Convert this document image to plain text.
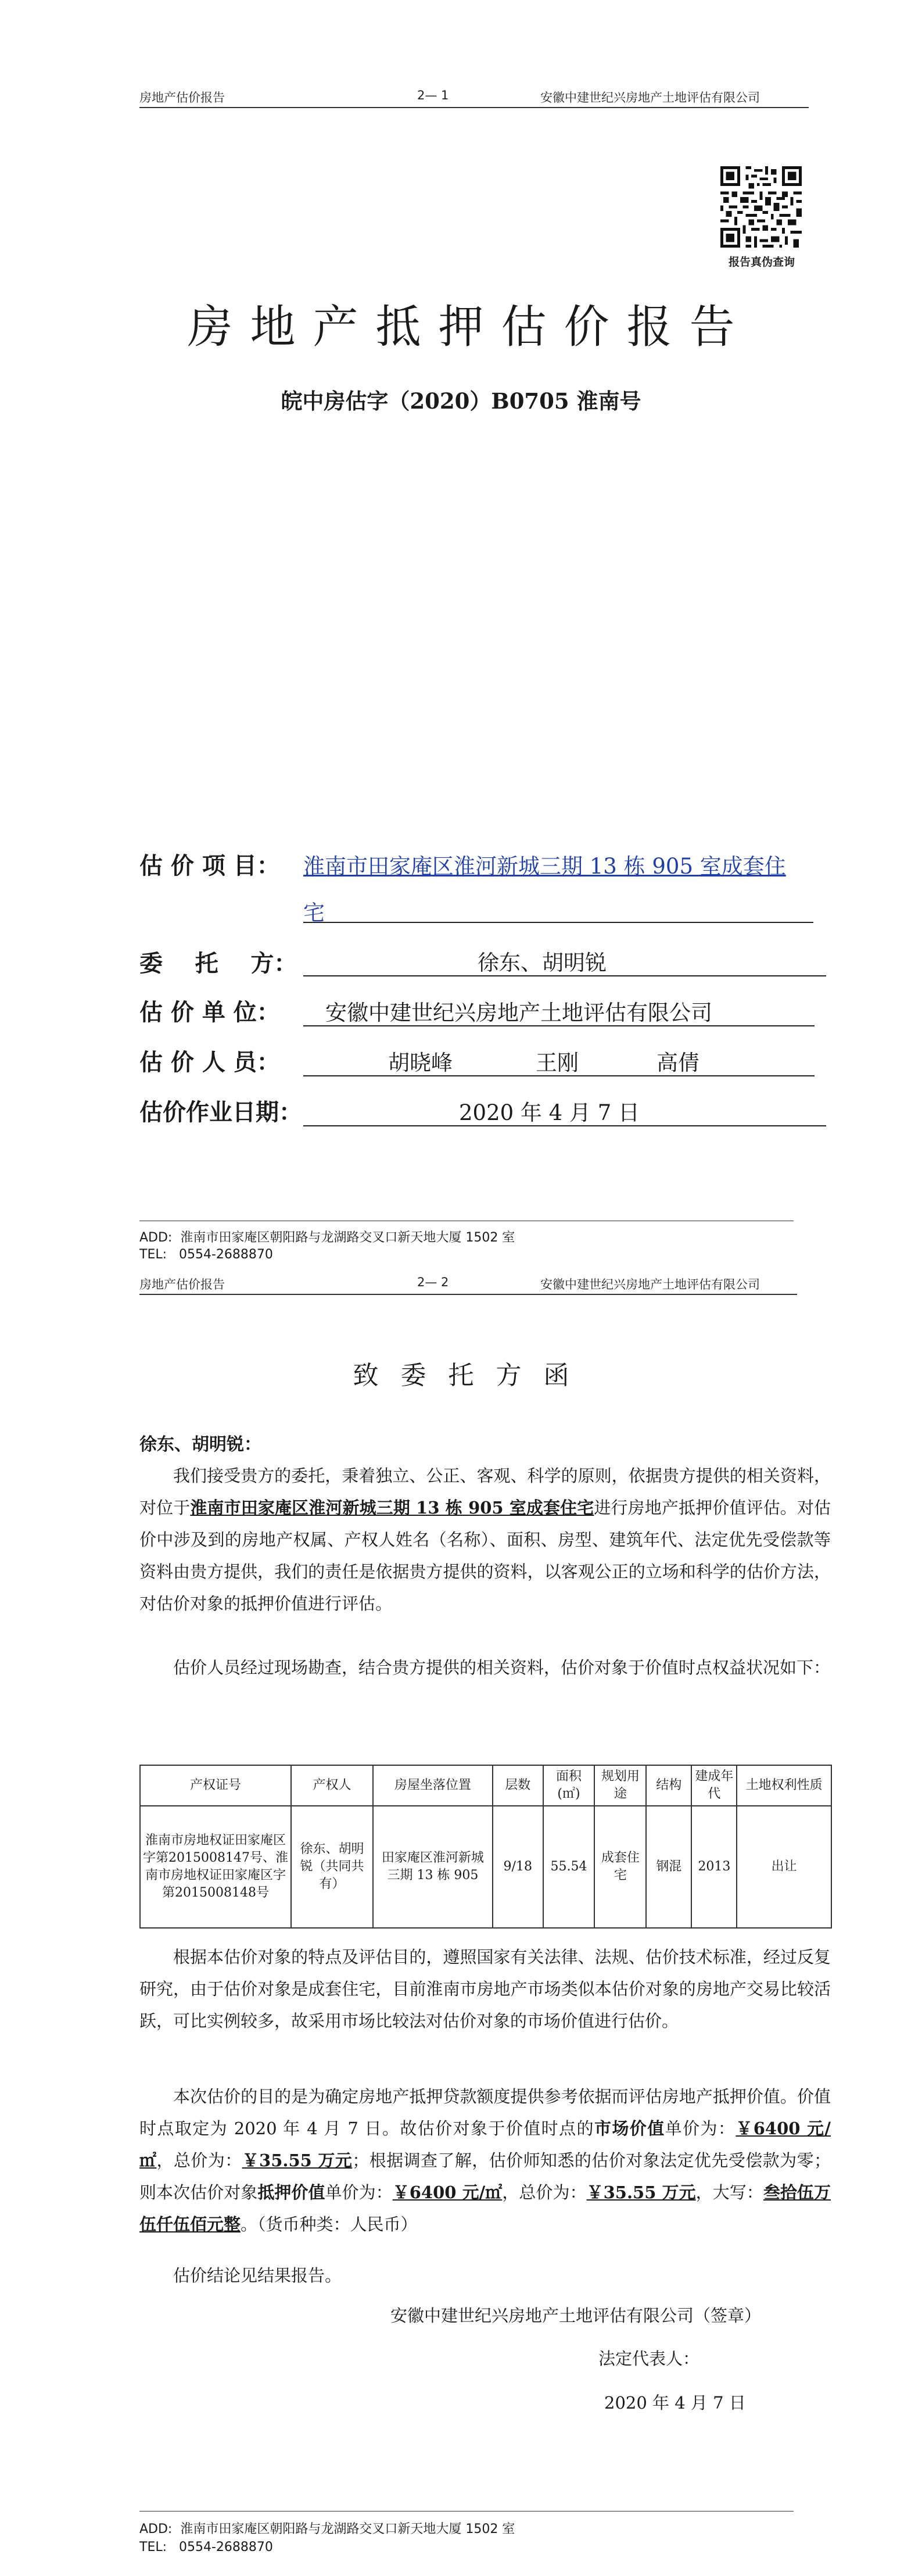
房地产估价报告	2— 1	安徽中建世纪兴房地产土地评估有限公司
报告真伪查询
房地产抵押估价报告
皖中房估字（2020）B0705 淮南号
估 价 项 目： 淮南市田家庵区淮河新城三期 13 栋 905 室成套住
宅
委    托    方：	徐东、胡明锐
估 价 单 位： 安徽中建世纪兴房地产土地评估有限公司
估 价 人 员：	胡晓峰	王刚	高倩
估价作业日期：	2020 年 4 月 7 日
ADD:  淮南市田家庵区朝阳路与龙湖路交叉口新天地大厦 1502 室
TEL:   0554-2688870
房地产估价报告	2— 2	安徽中建世纪兴房地产土地评估有限公司
致委托方函
徐东、胡明锐：
我们接受贵方的委托，秉着独立、公正、客观、科学的原则，依据贵方提供的相关资料，对位于淮南市田家庵区淮河新城三期 13 栋 905 室成套住宅进行房地产抵押价值评估。对估价中涉及到的房地产权属、产权人姓名（名称）、面积、房型、建筑年代、法定优先受偿款等资料由贵方提供，我们的责任是依据贵方提供的资料，以客观公正的立场和科学的估价方法，对估价对象的抵押价值进行评估。
估价人员经过现场勘查，结合贵方提供的相关资料，估价对象于价值时点权益状况如下：
产权证号	产权人	房屋坐落位置	层数	面积(㎡)	规划用途	结构	建成年代	土地权利性质
淮南市房地权证田家庵区字第2015008147号、淮南市房地权证田家庵区字第2015008148号	徐东、胡明锐（共同共有）	田家庵区淮河新城三期 13 栋 905	9/18	55.54	成套住宅	钢混	2013	出让
根据本估价对象的特点及评估目的，遵照国家有关法律、法规、估价技术标准，经过反复研究，由于估价对象是成套住宅，目前淮南市房地产市场类似本估价对象的房地产交易比较活跃，可比实例较多，故采用市场比较法对估价对象的市场价值进行估价。
本次估价的目的是为确定房地产抵押贷款额度提供参考依据而评估房地产抵押价值。价值时点取定为 2020 年 4 月 7 日。故估价对象于价值时点的市场价值单价为：￥6400 元/㎡，总价为：￥35.55 万元；根据调查了解，估价师知悉的估价对象法定优先受偿款为零；则本次估价对象抵押价值单价为：￥6400 元/㎡，总价为：￥35.55 万元，大写：叁拾伍万伍仟伍佰元整。（货币种类：人民币）
估价结论见结果报告。
安徽中建世纪兴房地产土地评估有限公司（签章）
法定代表人：
2020 年 4 月 7 日
ADD:  淮南市田家庵区朝阳路与龙湖路交叉口新天地大厦 1502 室
TEL:   0554-2688870
